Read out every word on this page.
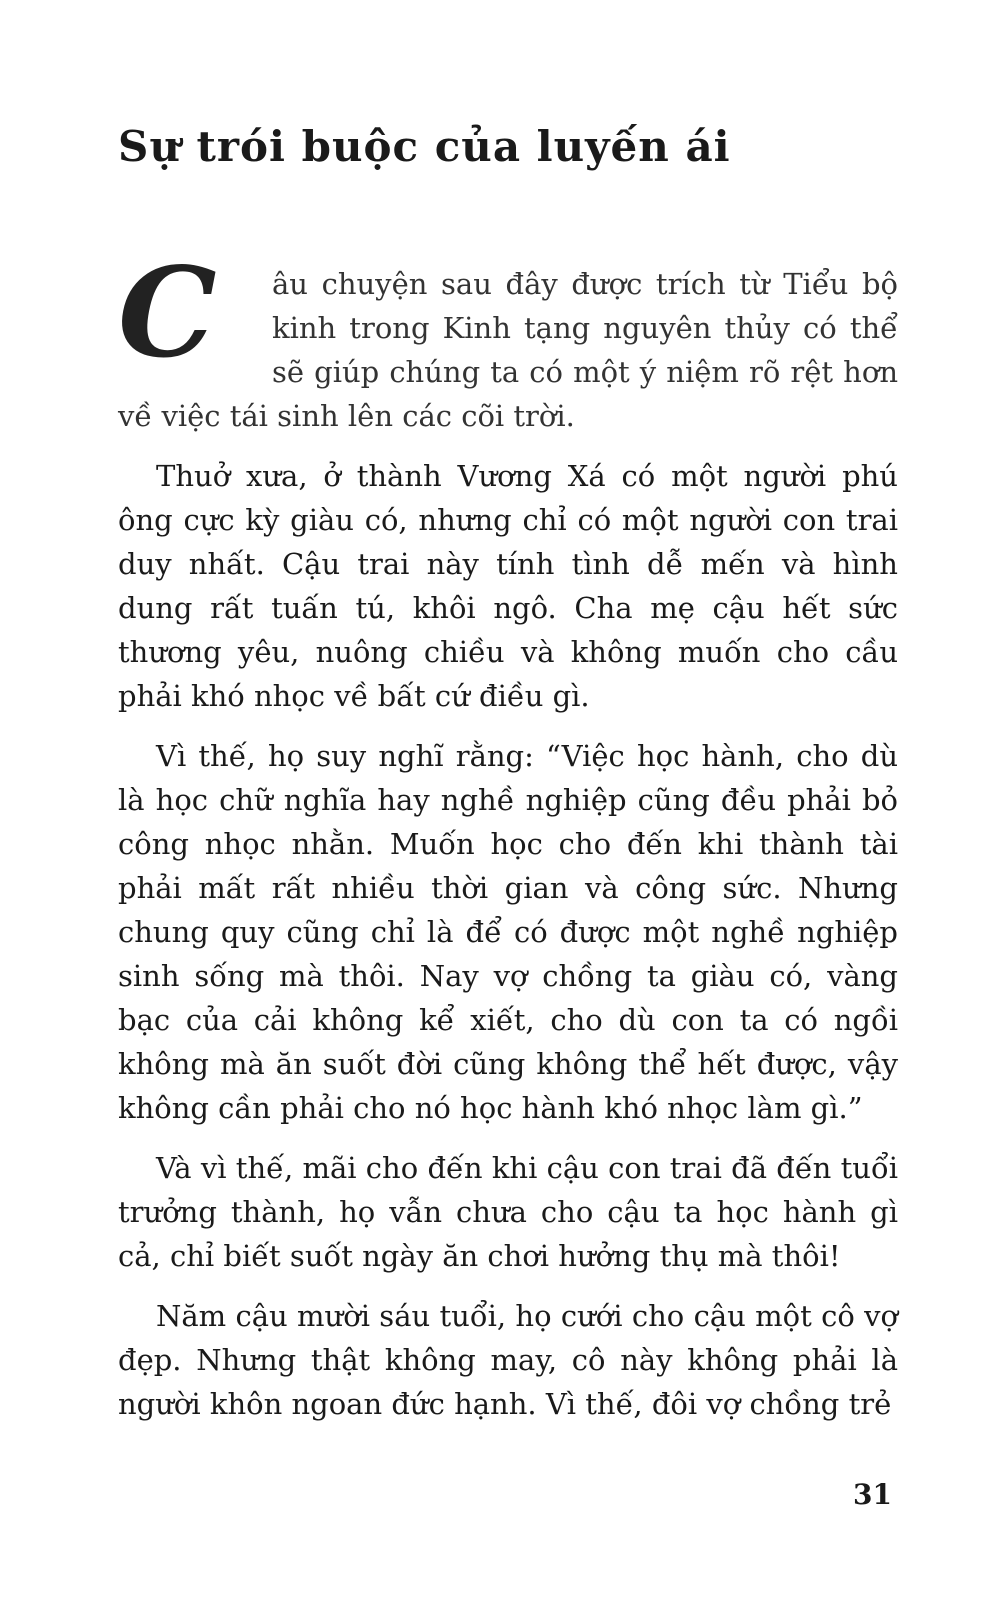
Sự trói buộc của luyến ái

C	âu chuyện sau đây được trích từ Tiểu bộ kinh trong Kinh tạng nguyên thủy có thể sẽ giúp chúng ta có một ý niệm rõ rệt hơn về việc tái sinh lên các cõi trời.

Thuở xưa, ở thành Vương Xá có một người phú ông cực kỳ giàu có, nhưng chỉ có một người con trai duy nhất. Cậu trai này tính tình dễ mến và hình dung rất tuấn tú, khôi ngô. Cha mẹ cậu hết sức thương yêu, nuông chiều và không muốn cho cầu phải khó nhọc về bất cứ điều gì.

Vì thế, họ suy nghĩ rằng: “Việc học hành, cho dù là học chữ nghĩa hay nghề nghiệp cũng đều phải bỏ công nhọc nhằn. Muốn học cho đến khi thành tài phải mất rất nhiều thời gian và công sức. Nhưng chung quy cũng chỉ là để có được một nghề nghiệp sinh sống mà thôi. Nay vợ chồng ta giàu có, vàng bạc của cải không kể xiết, cho dù con ta có ngồi không mà ăn suốt đời cũng không thể hết được, vậy không cần phải cho nó học hành khó nhọc làm gì.”

Và vì thế, mãi cho đến khi cậu con trai đã đến tuổi trưởng thành, họ vẫn chưa cho cậu ta học hành gì cả, chỉ biết suốt ngày ăn chơi hưởng thụ mà thôi!

Năm cậu mười sáu tuổi, họ cưới cho cậu một cô vợ đẹp. Nhưng thật không may, cô này không phải là người khôn ngoan đức hạnh. Vì thế, đôi vợ chồng trẻ

31
